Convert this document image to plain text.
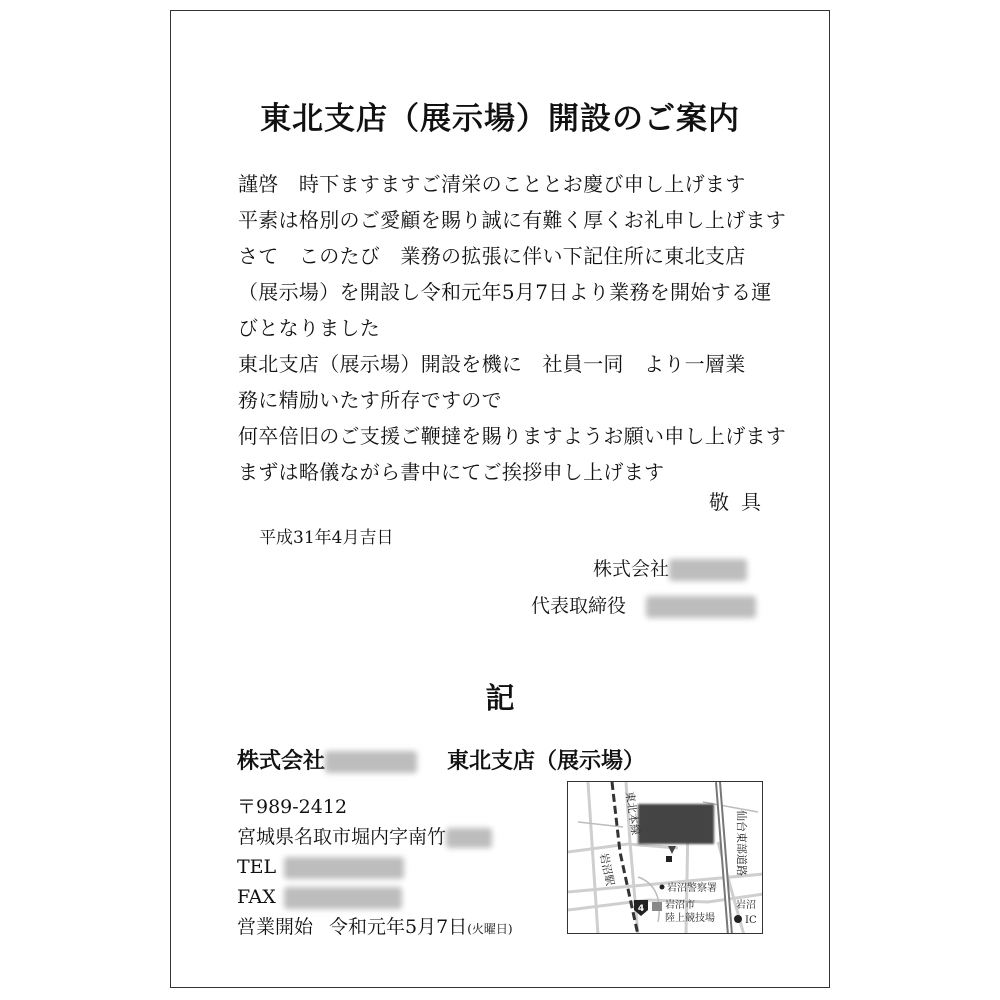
東北支店（展示場）開設のご案内
謹啓　時下ますますご清栄のこととお慶び申し上げます
平素は格別のご愛顧を賜り誠に有難く厚くお礼申し上げます
さて　このたび　業務の拡張に伴い下記住所に東北支店
（展示場）を開設し令和元年5月7日より業務を開始する運
びとなりました
東北支店（展示場）開設を機に　社員一同　より一層業
務に精励いたす所存ですので
何卒倍旧のご支援ご鞭撻を賜りますようお願い申し上げます
まずは略儀ながら書中にてご挨拶申し上げます
敬具
平成31年4月吉日
株式会社
代表取締役
記
株式会社	東北支店（展示場）
〒989-2412
宮城県名取市堀内字南竹
TEL
FAX
営業開始 令和元年5月7日(火曜日)
4
東北本線	仙台東部道路
岩沼駅
岩沼警察署
岩沼市
陸上競技場
岩沼
IC
